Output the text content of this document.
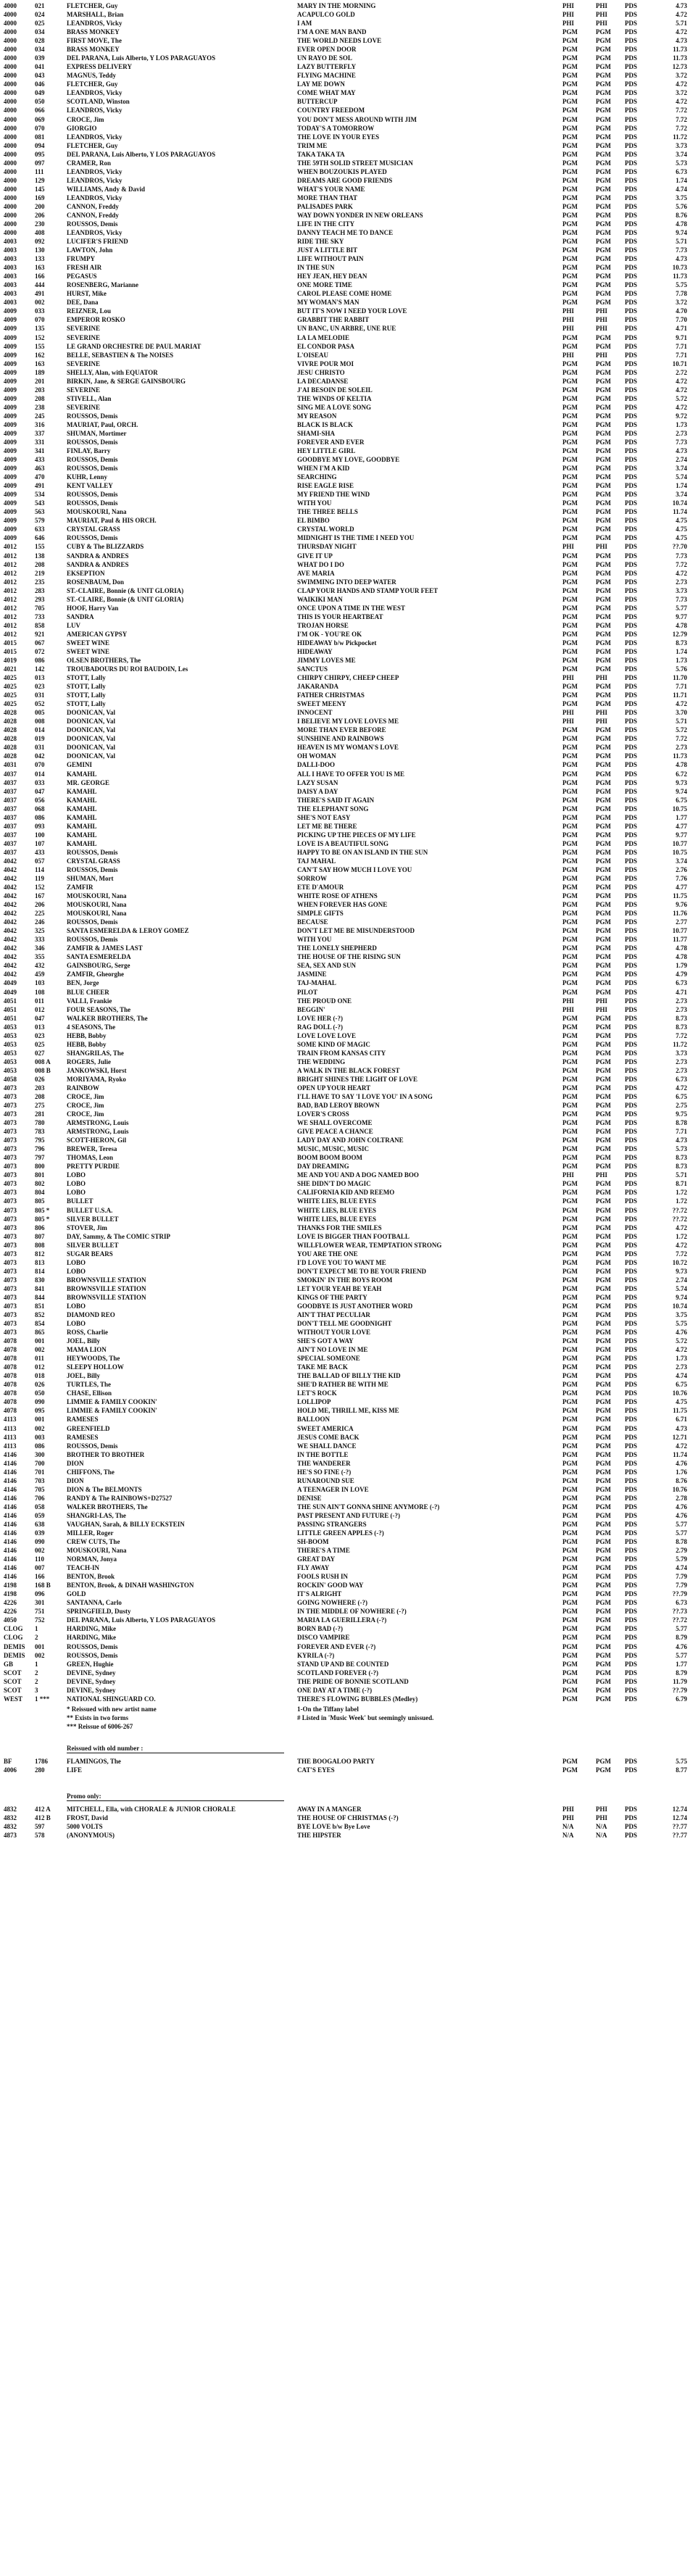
4000	021	FLETCHER, Guy	MARY IN THE MORNING	PHI	PHI	PDS	4.73
4000	024	MARSHALL, Brian	ACAPULCO GOLD	PHI	PHI	PDS	4.72
4000	025	LEANDROS, Vicky	I AM	PHI	PHI	PDS	5.71
4000	034	BRASS MONKEY	I'M A ONE MAN BAND	PGM	PGM	PDS	4.72
4000	028	FIRST MOVE, The	THE WORLD NEEDS LOVE	PGM	PGM	PDS	4.73
4000	034	BRASS MONKEY	EVER OPEN DOOR	PGM	PGM	PDS	11.73
4000	039	DEL PARANA, Luis Alberto, Y LOS PARAGUAYOS	UN RAYO DE SOL	PGM	PGM	PDS	11.73
4000	041	EXPRESS DELIVERY	LAZY BUTTERFLY	PGM	PGM	PDS	12.73
4000	043	MAGNUS, Teddy	FLYING MACHINE	PGM	PGM	PDS	3.72
4000	046	FLETCHER, Guy	LAY ME DOWN	PGM	PGM	PDS	4.72
4000	049	LEANDROS, Vicky	COME WHAT MAY	PGM	PGM	PDS	3.72
4000	050	SCOTLAND, Winston	BUTTERCUP	PGM	PGM	PDS	4.72
4000	066	LEANDROS, Vicky	COUNTRY FREEDOM	PGM	PGM	PDS	7.72
4000	069	CROCE, Jim	YOU DON'T MESS AROUND WITH JIM	PGM	PGM	PDS	7.72
4000	070	GIORGIO	TODAY'S A TOMORROW	PGM	PGM	PDS	7.72
4000	081	LEANDROS, Vicky	THE LOVE IN YOUR EYES	PGM	PGM	PDS	11.72
4000	094	FLETCHER, Guy	TRIM ME	PGM	PGM	PDS	3.73
4000	095	DEL PARANA, Luis Alberto, Y LOS PARAGUAYOS	TAKA TAKA TA	PGM	PGM	PDS	3.74
4000	097	CRAMER, Ron	THE 59TH SOLID STREET MUSICIAN	PGM	PGM	PDS	5.73
4000	111	LEANDROS, Vicky	WHEN BOUZOUKIS PLAYED	PGM	PGM	PDS	6.73
4000	129	LEANDROS, Vicky	DREAMS ARE GOOD FRIENDS	PGM	PGM	PDS	1.74
4000	145	WILLIAMS, Andy & David	WHAT'S YOUR NAME	PGM	PGM	PDS	4.74
4000	169	LEANDROS, Vicky	MORE THAN THAT	PGM	PGM	PDS	3.75
4000	200	CANNON, Freddy	PALISADES PARK	PGM	PGM	PDS	5.76
4000	206	CANNON, Freddy	WAY DOWN YONDER IN NEW ORLEANS	PGM	PGM	PDS	8.76
4000	230	ROUSSOS, Demis	LIFE IN THE CITY	PGM	PGM	PDS	4.78
4000	408	LEANDROS, Vicky	DANNY TEACH ME TO DANCE	PGM	PGM	PDS	9.74
4003	092	LUCIFER'S FRIEND	RIDE THE SKY	PGM	PGM	PDS	5.71
4003	130	LAWTON, John	JUST A LITTLE BIT	PGM	PGM	PDS	7.73
4003	133	FRUMPY	LIFE WITHOUT PAIN	PGM	PGM	PDS	4.73
4003	163	FRESH AIR	IN THE SUN	PGM	PGM	PDS	10.73
4003	166	PEGASUS	HEY JEAN, HEY DEAN	PGM	PGM	PDS	11.73
4003	444	ROSENBERG, Marianne	ONE MORE TIME	PGM	PGM	PDS	5.75
4003	491	HURST, Mike	CAROL PLEASE COME HOME	PGM	PGM	PDS	7.78
4003	002	DEE, Dana	MY WOMAN'S MAN	PGM	PGM	PDS	3.72
4009	033	REIZNER, Lou	BUT IT'S NOW I NEED YOUR LOVE	PHI	PHI	PDS	4.70
4009	070	EMPEROR ROSKO	GRABBIT THE RABBIT	PHI	PHI	PDS	7.70
4009	135	SEVERINE	UN BANC, UN ARBRE, UNE RUE	PHI	PHI	PDS	4.71
4009	152	SEVERINE	LA LA MELODIE	PGM	PGM	PDS	9.71
4009	155	LE GRAND ORCHESTRE DE PAUL MARIAT	EL CONDOR PASA	PGM	PGM	PDS	7.71
4009	162	BELLE, SEBASTIEN & The NOISES	L'OISEAU	PHI	PHI	PDS	7.71
4009	163	SEVERINE	VIVRE POUR MOI	PGM	PGM	PDS	10.71
4009	189	SHELLY, Alan, with EQUATOR	JESU CHRISTO	PGM	PGM	PDS	2.72
4009	201	BIRKIN, Jane, & SERGE GAINSBOURG	LA DECADANSE	PGM	PGM	PDS	4.72
4009	203	SEVERINE	J'AI BESOIN DE SOLEIL	PGM	PGM	PDS	4.72
4009	208	STIVELL, Alan	THE WINDS OF KELTIA	PGM	PGM	PDS	5.72
4009	238	SEVERINE	SING ME A LOVE SONG	PGM	PGM	PDS	4.72
4009	245	ROUSSOS, Demis	MY REASON	PGM	PGM	PDS	9.72
4009	316	MAURIAT, Paul, ORCH.	BLACK IS BLACK	PGM	PGM	PDS	1.73
4009	337	SHUMAN, Mortimer	SHAMI-SHA	PGM	PGM	PDS	2.73
4009	331	ROUSSOS, Demis	FOREVER AND EVER	PGM	PGM	PDS	7.73
4009	341	FINLAY, Barry	HEY LITTLE GIRL	PGM	PGM	PDS	4.73
4009	433	ROUSSOS, Demis	GOODBYE MY LOVE, GOODBYE	PGM	PGM	PDS	2.74
4009	463	ROUSSOS, Demis	WHEN I'M A KID	PGM	PGM	PDS	3.74
4009	470	KUHR, Lenny	SEARCHING	PGM	PGM	PDS	5.74
4009	491	KENT VALLEY	RISE EAGLE RISE	PGM	PGM	PDS	1.74
4009	534	ROUSSOS, Demis	MY FRIEND THE WIND	PGM	PGM	PDS	3.74
4009	543	ROUSSOS, Demis	WITH YOU	PGM	PGM	PDS	10.74
4009	563	MOUSKOURI, Nana	THE THREE BELLS	PGM	PGM	PDS	11.74
4009	579	MAURIAT, Paul & HIS ORCH.	EL BIMBO	PGM	PGM	PDS	4.75
4009	633	CRYSTAL GRASS	CRYSTAL WORLD	PGM	PGM	PDS	4.75
4009	646	ROUSSOS, Demis	MIDNIGHT IS THE TIME I NEED YOU	PGM	PGM	PDS	4.75
4012	155	CUBY & The BLIZZARDS	THURSDAY NIGHT	PHI	PHI	PDS	??.70
4012	138	SANDRA & ANDRES	GIVE IT UP	PGM	PGM	PDS	7.73
4012	208	SANDRA & ANDRES	WHAT DO I DO	PGM	PGM	PDS	7.72
4012	219	EKSEPTION	AVE MARIA	PGM	PGM	PDS	4.72
4012	235	ROSENBAUM, Don	SWIMMING INTO DEEP WATER	PGM	PGM	PDS	2.73
4012	283	ST.-CLAIRE, Bonnie (& UNIT GLORIA)	CLAP YOUR HANDS AND STAMP YOUR FEET	PGM	PGM	PDS	3.73
4012	293	ST.-CLAIRE, Bonnie (& UNIT GLORIA)	WAIKIKI MAN	PGM	PGM	PDS	7.73
4012	705	HOOF, Harry Van	ONCE UPON A TIME IN THE WEST	PGM	PGM	PDS	5.77
4012	733	SANDRA	THIS IS YOUR HEARTBEAT	PGM	PGM	PDS	9.77
4012	858	LUV	TROJAN HORSE	PGM	PGM	PDS	4.78
4012	921	AMERICAN GYPSY	I'M OK - YOU'RE OK	PGM	PGM	PDS	12.79
4015	067	SWEET WINE	HIDEAWAY b/w Pickpocket	PGM	PGM	PDS	8.73
4015	072	SWEET WINE	HIDEAWAY	PGM	PGM	PDS	1.74
4019	086	OLSEN BROTHERS, The	JIMMY LOVES ME	PGM	PGM	PDS	1.73
4021	142	TROUBADOURS DU ROI BAUDOIN, Les	SANCTUS	PGM	PGM	PDS	5.76
4025	013	STOTT, Lally	CHIRPY CHIRPY, CHEEP CHEEP	PHI	PHI	PDS	11.70
4025	023	STOTT, Lally	JAKARANDA	PGM	PGM	PDS	7.71
4025	031	STOTT, Lally	FATHER CHRISTMAS	PGM	PGM	PDS	11.71
4025	052	STOTT, Lally	SWEET MEENY	PGM	PGM	PDS	4.72
4028	005	DOONICAN, Val	INNOCENT	PHI	PHI	PDS	3.70
4028	008	DOONICAN, Val	I BELIEVE MY LOVE LOVES ME	PHI	PHI	PDS	5.71
4028	014	DOONICAN, Val	MORE THAN EVER BEFORE	PGM	PGM	PDS	5.72
4028	019	DOONICAN, Val	SUNSHINE AND RAINBOWS	PGM	PGM	PDS	7.72
4028	031	DOONICAN, Val	HEAVEN IS MY WOMAN'S LOVE	PGM	PGM	PDS	2.73
4028	042	DOONICAN, Val	OH WOMAN	PGM	PGM	PDS	11.73
4031	070	GEMINI	DALLI-DOO	PGM	PGM	PDS	4.78
4037	014	KAMAHL	ALL I HAVE TO OFFER YOU IS ME	PGM	PGM	PDS	6.72
4037	033	MR. GEORGE	LAZY SUSAN	PGM	PGM	PDS	9.73
4037	047	KAMAHL	DAISY A DAY	PGM	PGM	PDS	9.74
4037	056	KAMAHL	THERE'S SAID IT AGAIN	PGM	PGM	PDS	6.75
4037	068	KAMAHL	THE ELEPHANT SONG	PGM	PGM	PDS	10.75
4037	086	KAMAHL	SHE'S NOT EASY	PGM	PGM	PDS	1.77
4037	093	KAMAHL	LET ME BE THERE	PGM	PGM	PDS	4.77
4037	100	KAMAHL	PICKING UP THE PIECES OF MY LIFE	PGM	PGM	PDS	9.77
4037	107	KAMAHL	LOVE IS A BEAUTIFUL SONG	PGM	PGM	PDS	10.77
4037	433	ROUSSOS, Demis	HAPPY TO BE ON AN ISLAND IN THE SUN	PGM	PGM	PDS	10.75
4042	057	CRYSTAL GRASS	TAJ MAHAL	PGM	PGM	PDS	3.74
4042	114	ROUSSOS, Demis	CAN'T SAY HOW MUCH I LOVE YOU	PGM	PGM	PDS	2.76
4042	119	SHUMAN, Mort	SORROW	PGM	PGM	PDS	7.76
4042	152	ZAMFIR	ETE D'AMOUR	PGM	PGM	PDS	4.77
4042	167	MOUSKOURI, Nana	WHITE ROSE OF ATHENS	PGM	PGM	PDS	11.75
4042	206	MOUSKOURI, Nana	WHEN FOREVER HAS GONE	PGM	PGM	PDS	9.76
4042	225	MOUSKOURI, Nana	SIMPLE GIFTS	PGM	PGM	PDS	11.76
4042	246	ROUSSOS, Demis	BECAUSE	PGM	PGM	PDS	2.77
4042	325	SANTA ESMERELDA & LEROY GOMEZ	DON'T LET ME BE MISUNDERSTOOD	PGM	PGM	PDS	10.77
4042	333	ROUSSOS, Demis	WITH YOU	PGM	PGM	PDS	11.77
4042	346	ZAMFIR & JAMES LAST	THE LONELY SHEPHERD	PGM	PGM	PDS	4.78
4042	355	SANTA ESMERELDA	THE HOUSE OF THE RISING SUN	PGM	PGM	PDS	4.78
4042	432	GAINSBOURG, Serge	SEA, SEX AND SUN	PGM	PGM	PDS	1.79
4042	459	ZAMFIR, Gheorghe	JASMINE	PGM	PGM	PDS	4.79
4049	103	BEN, Jorge	TAJ-MAHAL	PGM	PGM	PDS	6.73
4049	108	BLUE CHEER	PILOT	PGM	PGM	PDS	4.71
4051	011	VALLI, Frankie	THE PROUD ONE	PHI	PHI	PDS	2.73
4051	012	FOUR SEASONS, The	BEGGIN'	PHI	PHI	PDS	2.73
4051	047	WALKER BROTHERS, The	LOVE HER (-?)	PGM	PGM	PDS	8.73
4053	013	4 SEASONS, The	RAG DOLL (-?)	PGM	PGM	PDS	8.73
4053	023	HEBB, Bobby	LOVE LOVE LOVE	PGM	PGM	PDS	7.72
4053	025	HEBB, Bobby	SOME KIND OF MAGIC	PGM	PGM	PDS	11.72
4053	027	SHANGRILAS, The	TRAIN FROM KANSAS CITY	PGM	PGM	PDS	3.73
4053	008 A	ROGERS, Julie	THE WEDDING	PGM	PGM	PDS	2.73
4053	008 B	JANKOWSKI, Horst	A WALK IN THE BLACK FOREST	PGM	PGM	PDS	2.73
4058	026	MORIYAMA, Ryoko	BRIGHT SHINES THE LIGHT OF LOVE	PGM	PGM	PDS	6.73
4073	203	RAINBOW	OPEN UP YOUR HEART	PGM	PGM	PDS	4.72
4073	208	CROCE, Jim	I'LL HAVE TO SAY 'I LOVE YOU' IN A SONG	PGM	PGM	PDS	6.75
4073	275	CROCE, Jim	BAD, BAD LEROY BROWN	PGM	PGM	PDS	2.75
4073	281	CROCE, Jim	LOVER'S CROSS	PGM	PGM	PDS	9.75
4073	780	ARMSTRONG, Louis	WE SHALL OVERCOME	PGM	PGM	PDS	8.78
4073	783	ARMSTRONG, Louis	GIVE PEACE A CHANCE	PGM	PGM	PDS	7.71
4073	795	SCOTT-HERON, Gil	LADY DAY AND JOHN COLTRANE	PGM	PGM	PDS	4.73
4073	796	BREWER, Teresa	MUSIC, MUSIC, MUSIC	PGM	PGM	PDS	5.73
4073	797	THOMAS, Leon	BOOM BOOM BOOM	PGM	PGM	PDS	8.73
4073	800	PRETTY PURDIE	DAY DREAMING	PGM	PGM	PDS	8.73
4073	801	LOBO	ME AND YOU AND A DOG NAMED BOO	PHI	PHI	PDS	5.71
4073	802	LOBO	SHE DIDN'T DO MAGIC	PGM	PGM	PDS	8.71
4073	804	LOBO	CALIFORNIA KID AND REEMO	PGM	PGM	PDS	1.72
4073	805	BULLET	WHITE LIES, BLUE EYES	PGM	PGM	PDS	1.72
4073	805 *	BULLET U.S.A.	WHITE LIES, BLUE EYES	PGM	PGM	PDS	??.72
4073	805 *	SILVER BULLET	WHITE LIES, BLUE EYES	PGM	PGM	PDS	??.72
4073	806	STOVER, Jim	THANKS FOR THE SMILES	PGM	PGM	PDS	4.72
4073	807	DAY, Sammy, & The COMIC STRIP	LOVE IS BIGGER THAN FOOTBALL	PGM	PGM	PDS	1.72
4073	808	SILVER BULLET	WILLFLOWER WEAR, TEMPTATION STRONG	PGM	PGM	PDS	4.72
4073	812	SUGAR BEARS	YOU ARE THE ONE	PGM	PGM	PDS	7.72
4073	813	LOBO	I'D LOVE YOU TO WANT ME	PGM	PGM	PDS	10.72
4073	814	LOBO	DON'T EXPECT ME TO BE YOUR FRIEND	PGM	PGM	PDS	9.73
4073	830	BROWNSVILLE STATION	SMOKIN' IN THE BOYS ROOM	PGM	PGM	PDS	2.74
4073	841	BROWNSVILLE STATION	LET YOUR YEAH BE YEAH	PGM	PGM	PDS	5.74
4073	844	BROWNSVILLE STATION	KINGS OF THE PARTY	PGM	PGM	PDS	9.74
4073	851	LOBO	GOODBYE IS JUST ANOTHER WORD	PGM	PGM	PDS	10.74
4073	852	DIAMOND REO	AIN'T THAT PECULIAR	PGM	PGM	PDS	3.75
4073	854	LOBO	DON'T TELL ME GOODNIGHT	PGM	PGM	PDS	5.75
4073	865	ROSS, Charlie	WITHOUT YOUR LOVE	PGM	PGM	PDS	4.76
4078	001	JOEL, Billy	SHE'S GOT A WAY	PGM	PGM	PDS	5.72
4078	002	MAMA LION	AIN'T NO LOVE IN ME	PGM	PGM	PDS	4.72
4078	011	HEYWOODS, The	SPECIAL SOMEONE	PGM	PGM	PDS	1.73
4078	012	SLEEPY HOLLOW	TAKE ME BACK	PGM	PGM	PDS	2.73
4078	018	JOEL, Billy	THE BALLAD OF BILLY THE KID	PGM	PGM	PDS	4.74
4078	026	TURTLES, The	SHE'D RATHER BE WITH ME	PGM	PGM	PDS	6.75
4078	050	CHASE, Ellison	LET'S ROCK	PGM	PGM	PDS	10.76
4078	090	LIMMIE & FAMILY COOKIN'	LOLLIPOP	PGM	PGM	PDS	4.75
4078	095	LIMMIE & FAMILY COOKIN'	HOLD ME, THRILL ME, KISS ME	PGM	PGM	PDS	11.75
4113	001	RAMESES	BALLOON	PGM	PGM	PDS	6.71
4113	002	GREENFIELD	SWEET AMERICA	PGM	PGM	PDS	4.73
4113	003	RAMESES	JESUS COME BACK	PGM	PGM	PDS	12.71
4113	086	ROUSSOS, Demis	WE SHALL DANCE	PGM	PGM	PDS	4.72
4146	300	BROTHER TO BROTHER	IN THE BOTTLE	PGM	PGM	PDS	11.74
4146	700	DION	THE WANDERER	PGM	PGM	PDS	4.76
4146	701	CHIFFONS, The	HE'S SO FINE (-?)	PGM	PGM	PDS	1.76
4146	703	DION	RUNAROUND SUE	PGM	PGM	PDS	8.76
4146	705	DION & The BELMONTS	A TEENAGER IN LOVE	PGM	PGM	PDS	10.76
4146	706	RANDY & The RAINBOWS+D27527	DENISE	PGM	PGM	PDS	2.78
4146	058	WALKER BROTHERS, The	THE SUN AIN'T GONNA SHINE ANYMORE (-?)	PGM	PGM	PDS	4.76
4146	059	SHANGRI-LAS, The	PAST PRESENT AND FUTURE (-?)	PGM	PGM	PDS	4.76
4146	638	VAUGHAN, Sarah, & BILLY ECKSTEIN	PASSING STRANGERS	PGM	PGM	PDS	5.77
4146	039	MILLER, Roger	LITTLE GREEN APPLES (-?)	PGM	PGM	PDS	5.77
4146	090	CREW CUTS, The	SH-BOOM	PGM	PGM	PDS	8.78
4146	002	MOUSKOURI, Nana	THERE'S A TIME	PGM	PGM	PDS	2.79
4146	110	NORMAN, Jonya	GREAT DAY	PGM	PGM	PDS	5.79
4146	007	TEACH-IN	FLY AWAY	PGM	PGM	PDS	4.74
4146	166	BENTON, Brook	FOOLS RUSH IN	PGM	PGM	PDS	7.79
4198	168 B	BENTON, Brook, & DINAH WASHINGTON	ROCKIN' GOOD WAY	PGM	PGM	PDS	7.79
4198	096	GOLD	IT'S ALRIGHT	PGM	PGM	PDS	??.79
4226	301	SANTANNA, Carlo	GOING NOWHERE (-?)	PGM	PGM	PDS	6.73
4226	751	SPRINGFIELD, Dusty	IN THE MIDDLE OF NOWHERE (-?)	PGM	PGM	PDS	??.73
4050	752	DEL PARANA, Luis Alberto, Y LOS PARAGUAYOS	MARIA LA GUERILLERA (-?)	PGM	PGM	PDS	??.72
CLOG	1	HARDING, Mike	BORN BAD (-?)	PGM	PGM	PDS	5.77
CLOG	2	HARDING, Mike	DISCO VAMPIRE	PGM	PGM	PDS	8.79
DEMIS	001	ROUSSOS, Demis	FOREVER AND EVER (-?)	PGM	PGM	PDS	4.76
DEMIS	002	ROUSSOS, Demis	KYRILA (-?)	PGM	PGM	PDS	5.77
GB	1	GREEN, Hughie	STAND UP AND BE COUNTED	PGM	PGM	PDS	1.77
SCOT	2	DEVINE, Sydney	SCOTLAND FOREVER (-?)	PGM	PGM	PDS	8.79
SCOT	2	DEVINE, Sydney	THE PRIDE OF BONNIE SCOTLAND	PGM	PGM	PDS	11.79
SCOT	3	DEVINE, Sydney	ONE DAY AT A TIME (-?)	PGM	PGM	PDS	??.79
WEST	1 ***	NATIONAL SHINGUARD CO.	THERE'S FLOWING BUBBLES (Medley)	PGM	PGM	PDS	6.79
* Reissued with new artist name
** Exists in two forms
*** Reissue of 6006-267
1-On the Tiffany label
# Listed in 'Music Week' but seemingly unissued.
Reissued with old number :
BF	1786	FLAMINGOS, The	THE BOOGALOO PARTY	PGM	PGM	PDS	5.75
4006	280	LIFE	CAT'S EYES	PGM	PGM	PDS	8.77
Promo only:
4832	412 A	MITCHELL, Ella, with CHORALE & JUNIOR CHORALE	AWAY IN A MANGER	PHI	PHI	PDS	12.74
4832	412 B	FROST, David	THE HOUSE OF CHRISTMAS (-?)	PHI	PHI	PDS	12.74
4832	597	5000 VOLTS	BYE LOVE b/w Bye Love	N/A	N/A	PDS	??.77
4873	578	(ANONYMOUS)	THE HIPSTER	N/A	N/A	PDS	??.77
